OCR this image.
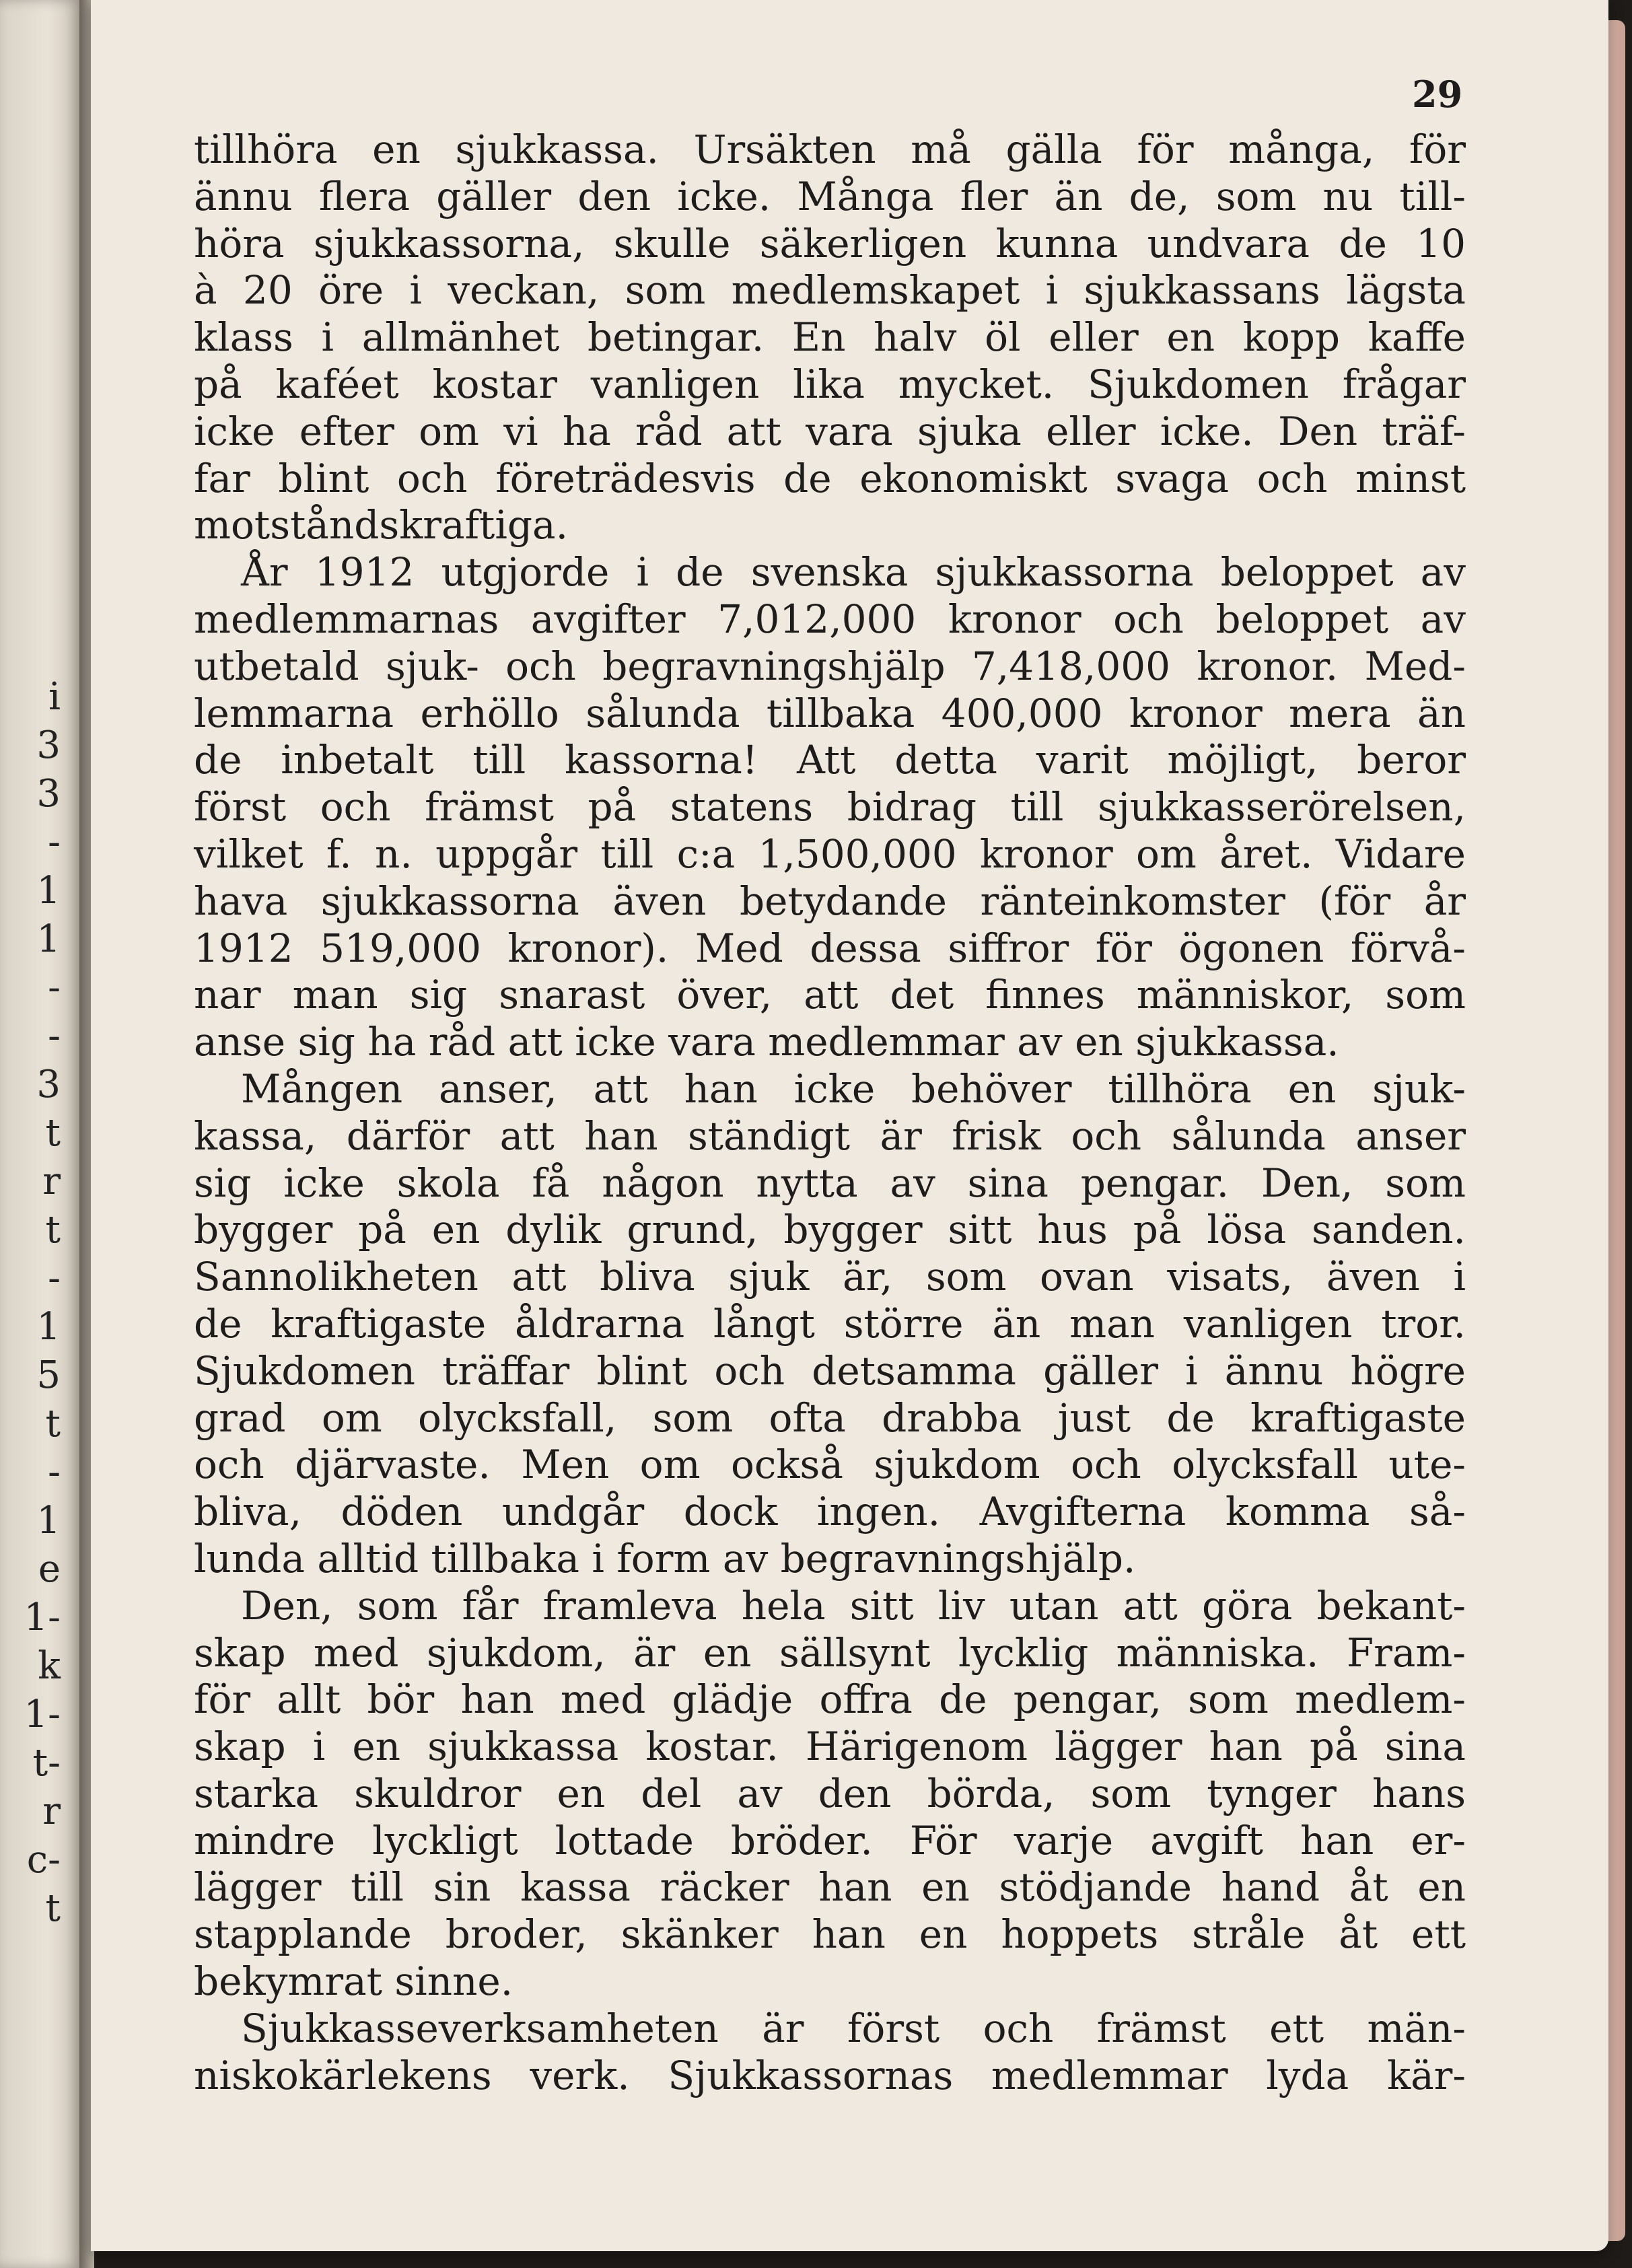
i
3
3
-
1
1
-
-
3
t
r
t
-
1
5
t
-
1
e
1-
k
1-
t-
r
c-
t
29
tillhöra en sjukkassa. Ursäkten må gälla för många, för
ännu flera gäller den icke. Många fler än de, som nu till-
höra sjukkassorna, skulle säkerligen kunna undvara de 10
à 20 öre i veckan, som medlemskapet i sjukkassans lägsta
klass i allmänhet betingar. En halv öl eller en kopp kaffe
på kaféet kostar vanligen lika mycket. Sjukdomen frågar
icke efter om vi ha råd att vara sjuka eller icke. Den träf-
far blint och företrädesvis de ekonomiskt svaga och minst
motståndskraftiga.
År 1912 utgjorde i de svenska sjukkassorna beloppet av
medlemmarnas avgifter 7,012,000 kronor och beloppet av
utbetald sjuk- och begravningshjälp 7,418,000 kronor. Med-
lemmarna erhöllo sålunda tillbaka 400,000 kronor mera än
de inbetalt till kassorna! Att detta varit möjligt, beror
först och främst på statens bidrag till sjukkasserörelsen,
vilket f. n. uppgår till c:a 1,500,000 kronor om året. Vidare
hava sjukkassorna även betydande ränteinkomster (för år
1912 519,000 kronor). Med dessa siffror för ögonen förvå-
nar man sig snarast över, att det finnes människor, som
anse sig ha råd att icke vara medlemmar av en sjukkassa.
Mången anser, att han icke behöver tillhöra en sjuk-
kassa, därför att han ständigt är frisk och sålunda anser
sig icke skola få någon nytta av sina pengar. Den, som
bygger på en dylik grund, bygger sitt hus på lösa sanden.
Sannolikheten att bliva sjuk är, som ovan visats, även i
de kraftigaste åldrarna långt större än man vanligen tror.
Sjukdomen träffar blint och detsamma gäller i ännu högre
grad om olycksfall, som ofta drabba just de kraftigaste
och djärvaste. Men om också sjukdom och olycksfall ute-
bliva, döden undgår dock ingen. Avgifterna komma så-
lunda alltid tillbaka i form av begravningshjälp.
Den, som får framleva hela sitt liv utan att göra bekant-
skap med sjukdom, är en sällsynt lycklig människa. Fram-
för allt bör han med glädje offra de pengar, som medlem-
skap i en sjukkassa kostar. Härigenom lägger han på sina
starka skuldror en del av den börda, som tynger hans
mindre lyckligt lottade bröder. För varje avgift han er-
lägger till sin kassa räcker han en stödjande hand åt en
stapplande broder, skänker han en hoppets stråle åt ett
bekymrat sinne.
Sjukkasseverksamheten är först och främst ett män-
niskokärlekens verk. Sjukkassornas medlemmar lyda kär-
